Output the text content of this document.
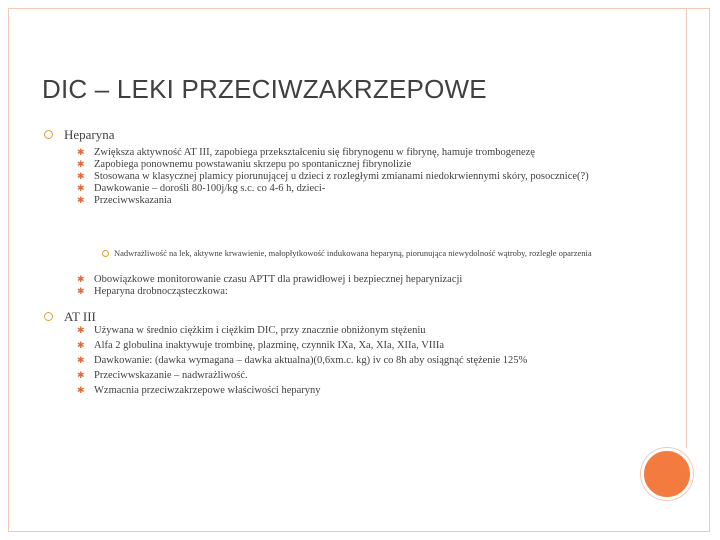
DIC – LEKI PRZECIWZAKRZEPOWE
Heparyna
✱ Zwiększa aktywność AT III, zapobiega przekształceniu się fibrynogenu w fibrynę, hamuje trombogenezę
✱ Zapobiega ponownemu powstawaniu skrzepu po spontanicznej fibrynolizie
✱ Stosowana w klasycznej plamicy piorunującej u dzieci z rozległymi zmianami niedokrwiennymi skóry, posocznice(?)
✱ Dawkowanie – dorośli 80-100j/kg s.c. co 4-6 h, dzieci-
✱ Przeciwwskazania
Nadwrażliwość na lek, aktywne krwawienie, małopłytkowość indukowana heparyną, piorunująca niewydolność wątroby, rozległe oparzenia
✱ Obowiązkowe monitorowanie czasu APTT dla prawidłowej i bezpiecznej heparynizacji
✱ Heparyna drobnocząsteczkowa:
AT III
✱ Używana w średnio ciężkim i ciężkim DIC, przy znacznie obniżonym stężeniu
✱ Alfa 2 globulina inaktywuje trombinę, plazminę, czynnik IXa, Xa, XIa, XIIa, VIIIa
✱ Dawkowanie: (dawka wymagana – dawka aktualna)(0,6xm.c. kg) iv co 8h aby osiągnąć stężenie 125%
✱ Przeciwwskazanie – nadwrażliwość.
✱ Wzmacnia przeciwzakrzepowe właściwości heparyny
